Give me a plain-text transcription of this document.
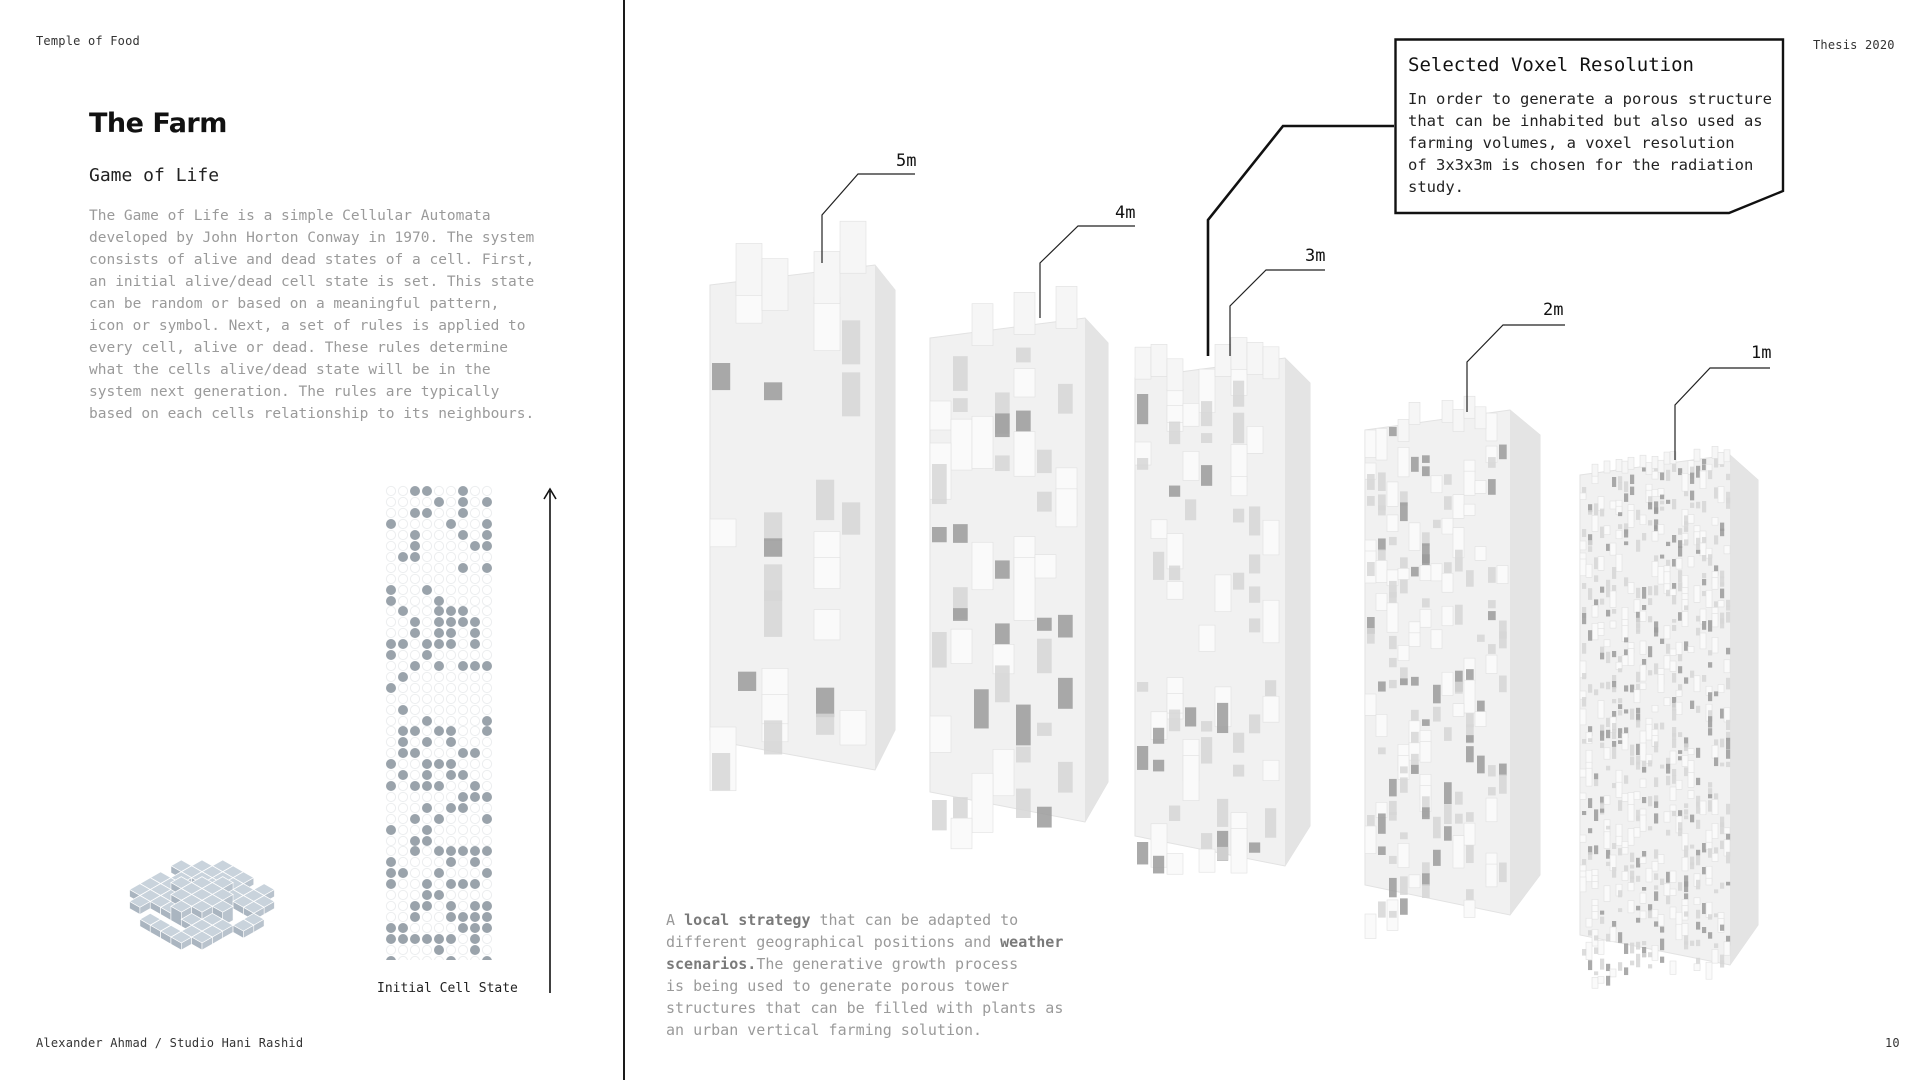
Temple of Food	Thesis 2020
Alexander Ahmad / Studio Hani Rashid	10
The Farm
Game of Life
The Game of Life is a simple Cellular Automata
developed by John Horton Conway in 1970. The system
consists of alive and dead states of a cell. First,
an initial alive/dead cell state is set. This state
can be random or based on a meaningful pattern,
icon or symbol. Next, a set of rules is applied to
every cell, alive or dead. These rules determine
what the cells alive/dead state will be in the
system next generation. The rules are typically
based on each cells relationship to its neighbours.
Initial Cell State
5m
4m
3m
2m
1m
Selected Voxel Resolution
In order to generate a porous structure
that can be inhabited but also used as
farming volumes, a voxel resolution
of 3x3x3m is chosen for the radiation
study.
A local strategy that can be adapted to
different geographical positions and weather
scenarios.The generative growth process
is being used to generate porous tower
structures that can be filled with plants as
an urban vertical farming solution.
